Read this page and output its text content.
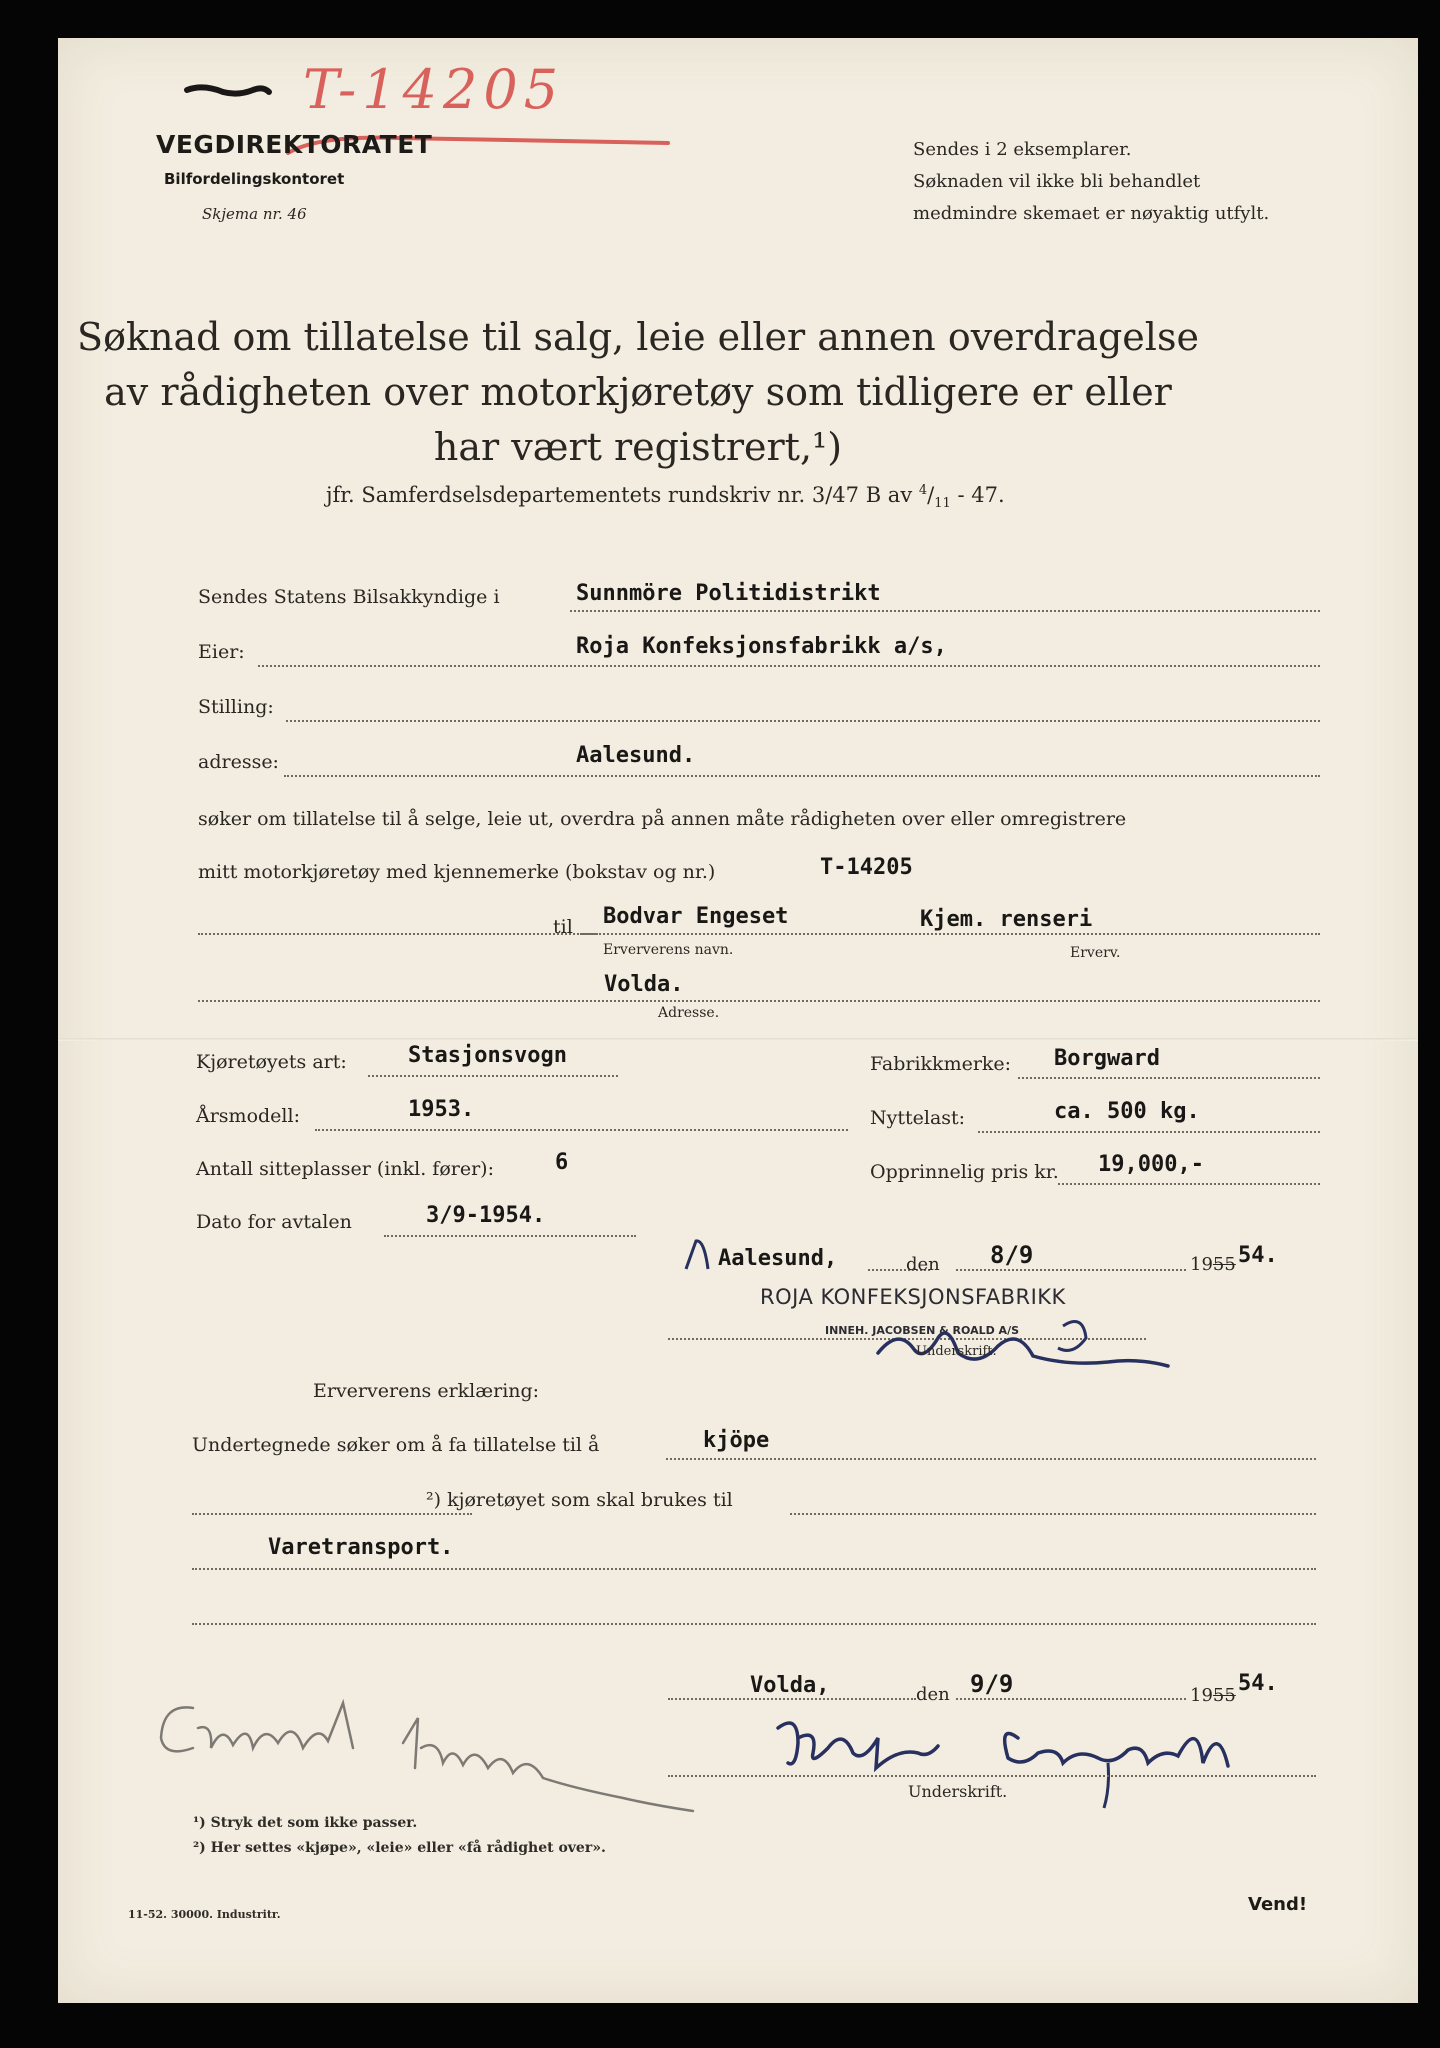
T-14205
VEGDIREKTORATET
Bilfordelingskontoret
Skjema nr. 46
Sendes i 2 eksemplarer.
Søknaden vil ikke bli behandlet
medmindre skemaet er nøyaktig utfylt.
Søknad om tillatelse til salg, leie eller annen overdragelse
av rådigheten over motorkjøretøy som tidligere er eller
har vært registrert,¹)
jfr. Samferdselsdepartementets rundskriv nr. 3/47 B av $^4/_{11} - 47$.
Sendes Statens Bilsakkyndige i	Sunnmöre Politidistrikt
Eier:	Roja Konfeksjonsfabrikk a/s,
Stilling:
adresse:	Aalesund.
søker om tillatelse til å selge, leie ut, overdra på annen måte rådigheten over eller omregistrere
mitt motorkjøretøy med kjennemerke (bokstav og nr.)	T-14205
til Bodvar Engeset	Kjem. renseri
Erververens navn.	Erverv.
Volda.
Adresse.
Kjøretøyets art:	Stasjonsvogn	Fabrikkmerke: Borgward
Årsmodell:	1953.	Nyttelast:	ca. 500 kg.
Antall sitteplasser (inkl. fører):	6	Opprinnelig pris kr. 19,000,-
Dato for avtalen	3/9-1954.
Aalesund,	den 8/9	1955 54.
ROJA KONFEKSJONSFABRIKK
INNEH. JACOBSEN & ROALD A/S
Underskrift.
Erververens erklæring:
Undertegnede søker om å fa tillatelse til å	kjöpe
²) kjøretøyet som skal brukes til
Varetransport.
Volda,	den 9/9	1955 54.
Underskrift.
¹) Stryk det som ikke passer.
²) Her settes «kjøpe», «leie» eller «få rådighet over».
11-52. 30000. Industritr.	Vend!
